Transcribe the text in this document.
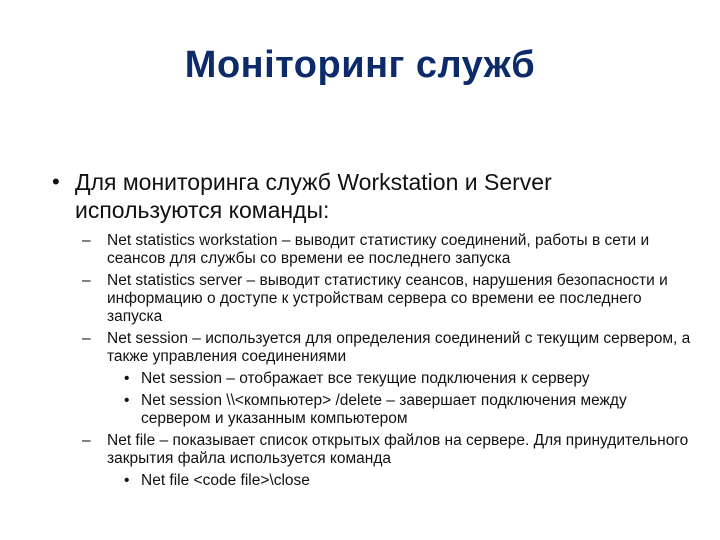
Моніторинг служб
• Для мониторинга служб Workstation и Server используются команды:
– Net statistics workstation – выводит статистику соединений, работы в сети и сеансов для службы со времени ее последнего запуска
– Net statistics server – выводит статистику сеансов, нарушения безопасности и информацию о доступе к устройствам сервера со времени ее последнего запуска
– Net session – используется для определения соединений с текущим сервером, а также управления соединениями
• Net session – отображает все текущие подключения к серверу
• Net session \\<компьютер> /delete – завершает подключения между сервером и указанным компьютером
– Net file – показывает список открытых файлов на сервере. Для принудительного закрытия файла используется команда
• Net file <code file>\close
